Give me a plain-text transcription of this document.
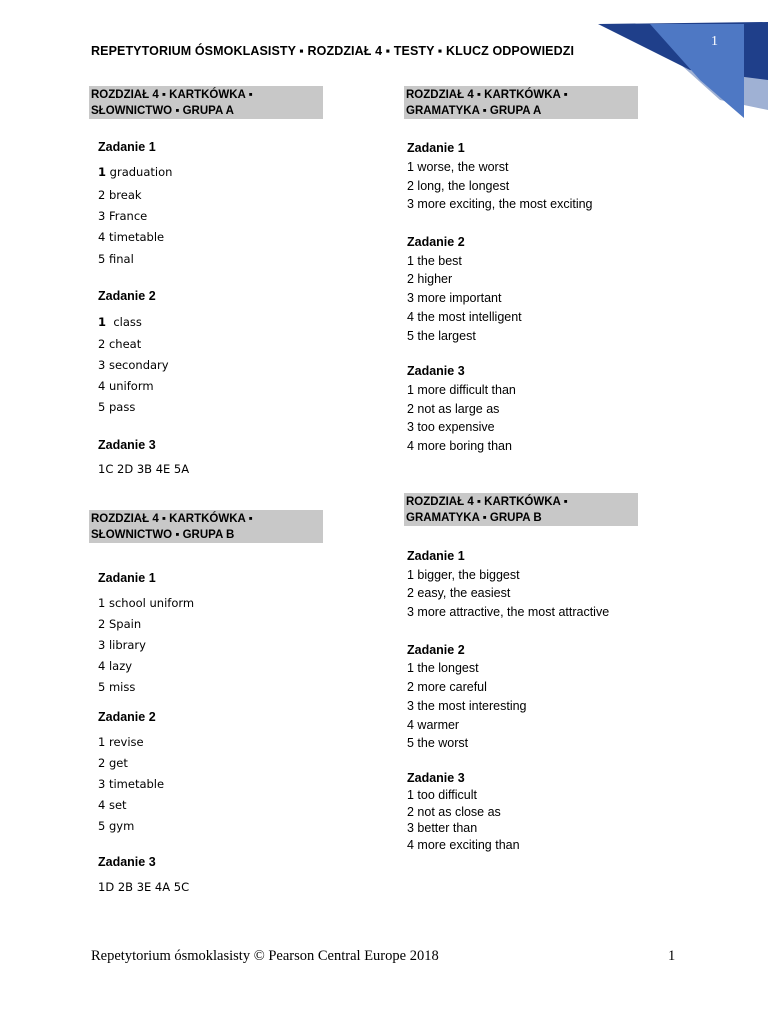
1
REPETYTORIUM ÓSMOKLASISTY ▪ ROZDZIAŁ 4 ▪ TESTY ▪ KLUCZ ODPOWIEDZI
ROZDZIAŁ 4 ▪ KARTKÓWKA ▪
SŁOWNICTWO ▪ GRUPA A
Zadanie 1
1 graduation
2 break
3 France
4 timetable
5 final
Zadanie 2
1 class
2 cheat
3 secondary
4 uniform
5 pass
Zadanie 3
1C 2D 3B 4E 5A
ROZDZIAŁ 4 ▪ KARTKÓWKA ▪
SŁOWNICTWO ▪ GRUPA B
Zadanie 1
1 school uniform
2 Spain
3 library
4 lazy
5 miss
Zadanie 2
1 revise
2 get
3 timetable
4 set
5 gym
Zadanie 3
1D 2B 3E 4A 5C
ROZDZIAŁ 4 ▪ KARTKÓWKA ▪
GRAMATYKA ▪ GRUPA A
Zadanie 1
1 worse, the worst
2 long, the longest
3 more exciting, the most exciting
Zadanie 2
1 the best
2 higher
3 more important
4 the most intelligent
5 the largest
Zadanie 3
1 more difficult than
2 not as large as
3 too expensive
4 more boring than
ROZDZIAŁ 4 ▪ KARTKÓWKA ▪
GRAMATYKA ▪ GRUPA B
Zadanie 1
1 bigger, the biggest
2 easy, the easiest
3 more attractive, the most attractive
Zadanie 2
1 the longest
2 more careful
3 the most interesting
4 warmer
5 the worst
Zadanie 3
1 too difficult
2 not as close as
3 better than
4 more exciting than
Repetytorium ósmoklasisty © Pearson Central Europe 2018	1
